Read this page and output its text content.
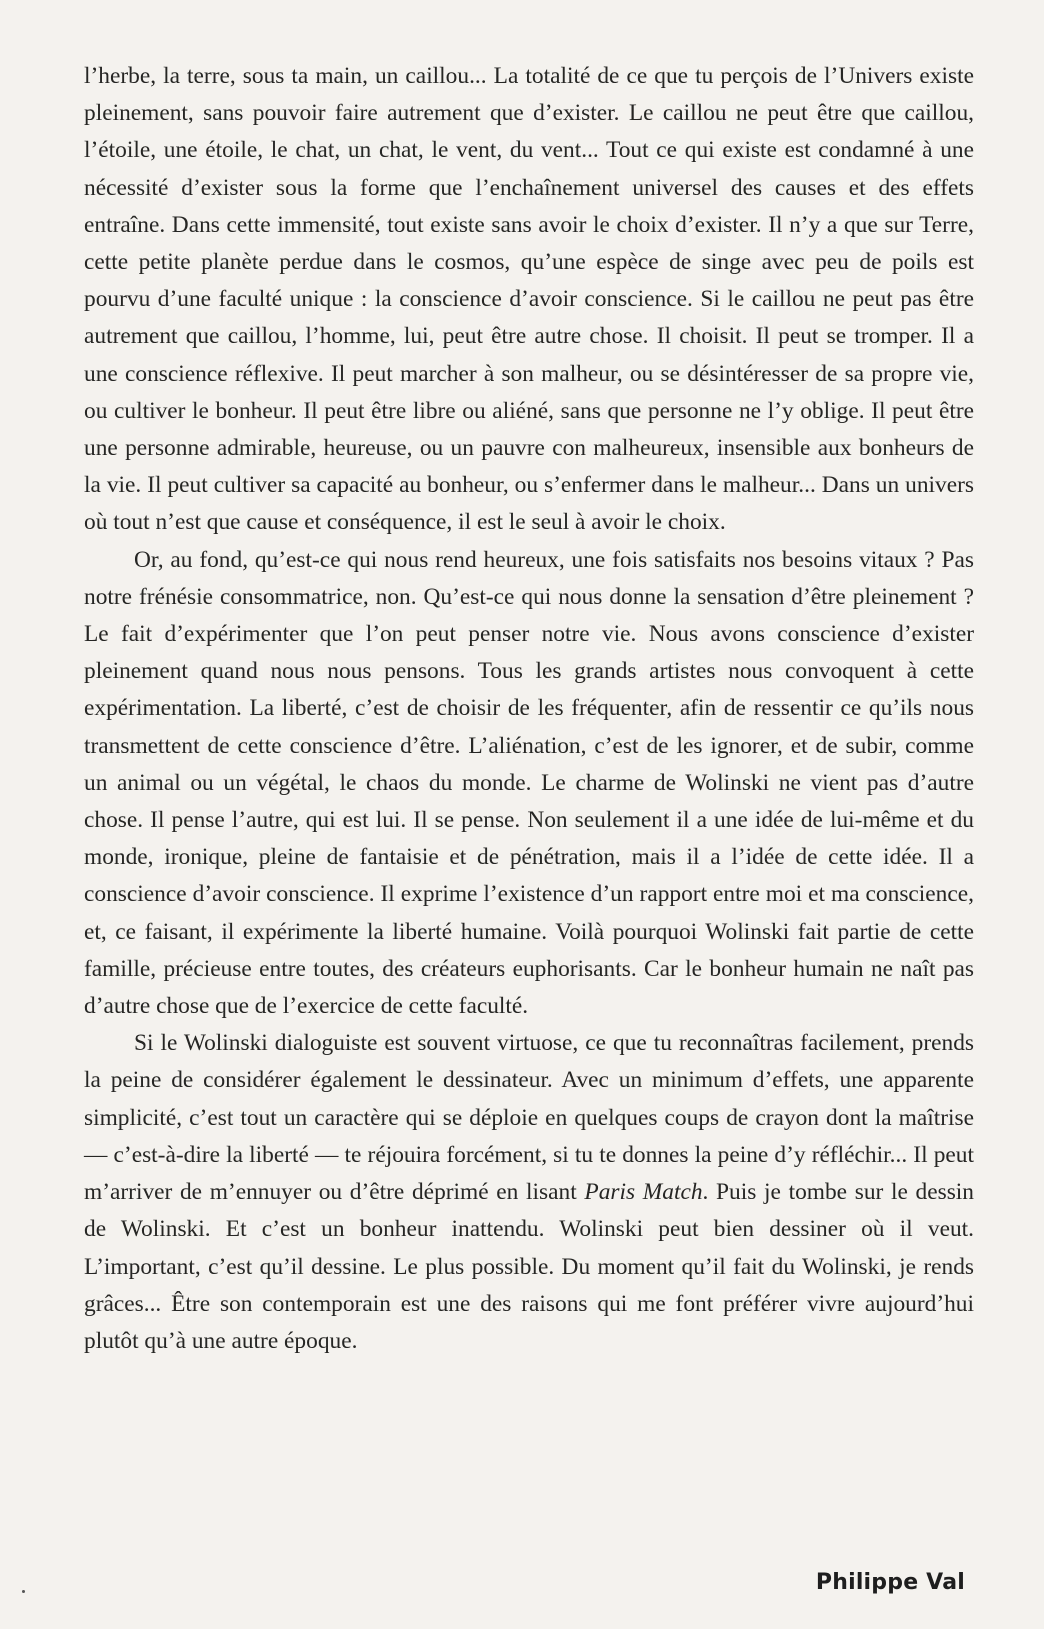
l’herbe, la terre, sous ta main, un caillou... La totalité de ce que tu perçois de l’Univers existe pleinement, sans pouvoir faire autrement que d’exister. Le caillou ne peut être que caillou, l’étoile, une étoile, le chat, un chat, le vent, du vent... Tout ce qui existe est condamné à une nécessité d’exister sous la forme que l’enchaînement universel des causes et des effets entraîne. Dans cette immensité, tout existe sans avoir le choix d’exister. Il n’y a que sur Terre, cette petite planète perdue dans le cosmos, qu’une espèce de singe avec peu de poils est pourvu d’une faculté unique : la conscience d’avoir conscience. Si le caillou ne peut pas être autrement que caillou, l’homme, lui, peut être autre chose. Il choisit. Il peut se tromper. Il a une conscience réflexive. Il peut marcher à son malheur, ou se désintéresser de sa propre vie, ou cultiver le bonheur. Il peut être libre ou aliéné, sans que personne ne l’y oblige. Il peut être une personne admirable, heureuse, ou un pauvre con malheureux, insensible aux bonheurs de la vie. Il peut cultiver sa capacité au bonheur, ou s’enfermer dans le malheur... Dans un univers où tout n’est que cause et conséquence, il est le seul à avoir le choix.

Or, au fond, qu’est-ce qui nous rend heureux, une fois satisfaits nos besoins vitaux ? Pas notre frénésie consommatrice, non. Qu’est-ce qui nous donne la sensation d’être pleinement ? Le fait d’expérimenter que l’on peut penser notre vie. Nous avons conscience d’exister pleinement quand nous nous pensons. Tous les grands artistes nous convoquent à cette expérimentation. La liberté, c’est de choisir de les fréquenter, afin de ressentir ce qu’ils nous transmettent de cette conscience d’être. L’aliénation, c’est de les ignorer, et de subir, comme un animal ou un végétal, le chaos du monde. Le charme de Wolinski ne vient pas d’autre chose. Il pense l’autre, qui est lui. Il se pense. Non seulement il a une idée de lui-même et du monde, ironique, pleine de fantaisie et de pénétration, mais il a l’idée de cette idée. Il a conscience d’avoir conscience. Il exprime l’existence d’un rapport entre moi et ma conscience, et, ce faisant, il expérimente la liberté humaine. Voilà pourquoi Wolinski fait partie de cette famille, précieuse entre toutes, des créateurs euphorisants. Car le bonheur humain ne naît pas d’autre chose que de l’exercice de cette faculté.

Si le Wolinski dialoguiste est souvent virtuose, ce que tu reconnaîtras facilement, prends la peine de considérer également le dessinateur. Avec un minimum d’effets, une apparente simplicité, c’est tout un caractère qui se déploie en quelques coups de crayon dont la maîtrise — c’est-à-dire la liberté — te réjouira forcément, si tu te donnes la peine d’y réfléchir... Il peut m’arriver de m’ennuyer ou d’être déprimé en lisant Paris Match. Puis je tombe sur le dessin de Wolinski. Et c’est un bonheur inattendu. Wolinski peut bien dessiner où il veut. L’important, c’est qu’il dessine. Le plus possible. Du moment qu’il fait du Wolinski, je rends grâces... Être son contemporain est une des raisons qui me font préférer vivre aujourd’hui plutôt qu’à une autre époque.

Philippe Val
